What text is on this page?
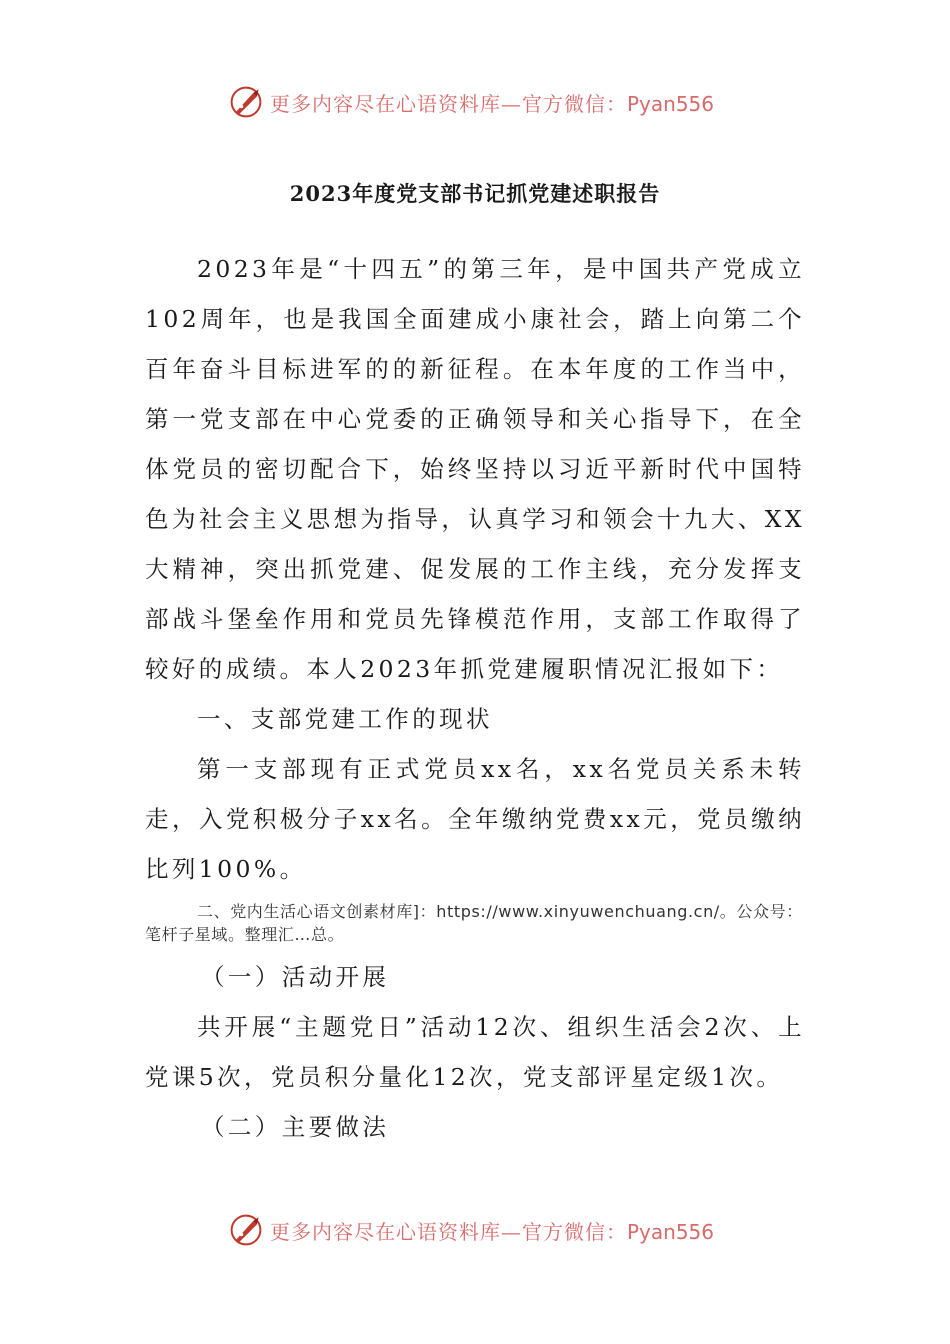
更多内容尽在心语资料库—官方微信：Pyan556
2023年度党支部书记抓党建述职报告

2023年是“十四五”的第三年，是中国共产党成立102周年，也是我国全面建成小康社会，踏上向第二个百年奋斗目标进军的的新征程。在本年度的工作当中，第一党支部在中心党委的正确领导和关心指导下，在全体党员的密切配合下，始终坚持以习近平新时代中国特色为社会主义思想为指导，认真学习和领会十九大、XX大精神，突出抓党建、促发展的工作主线，充分发挥支部战斗堡垒作用和党员先锋模范作用，支部工作取得了较好的成绩。本人2023年抓党建履职情况汇报如下：

一、支部党建工作的现状

第一支部现有正式党员xx名，xx名党员关系未转走，入党积极分子xx名。全年缴纳党费xx元，党员缴纳比列100%。

二、党内生活心语文创素材库]：https://www.xinyuwenchuang.cn/。公众号：笔杆子星域。整理汇…总。

（一）活动开展

共开展“主题党日”活动12次、组织生活会2次、上党课5次，党员积分量化12次，党支部评星定级1次。

（二）主要做法

更多内容尽在心语资料库—官方微信：Pyan556
